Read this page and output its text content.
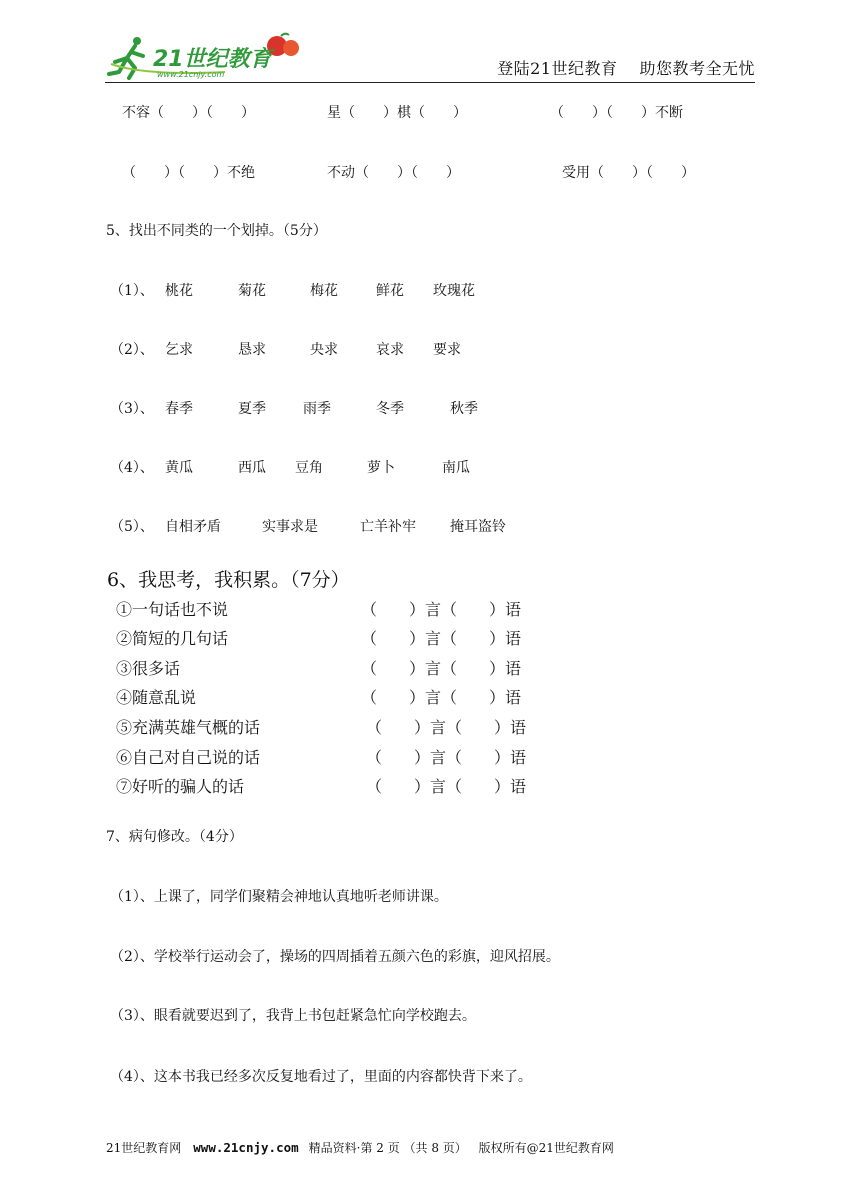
21世纪教育
www.21cnjy.com	登陆21世纪教育 助您教考全无忧
不容（　　）（　　）	星（　　）棋（　　）	（　　）（　　）不断
（　　）（　　）不绝	不动（　　）（　　）	受用（　　）（　　）
5、找出不同类的一个划掉。（5分）
（1）、 桃花	菊花	梅花	鲜花 玫瑰花
（2）、 乞求	恳求	央求	哀求 要求
（3）、 春季	夏季	雨季	冬季	秋季
（4）、 黄瓜	西瓜 豆角	萝卜	南瓜
（5）、 自相矛盾	实事求是	亡羊补牢 掩耳盗铃
6、我思考，我积累。（7分）
①一句话也不说	（　　）言（　　）语
②简短的几句话	（　　）言（　　）语
③很多话	（　　）言（　　）语
④随意乱说	（　　）言（　　）语
⑤充满英雄气概的话	（　　）言（　　）语
⑥自己对自己说的话	（　　）言（　　）语
⑦好听的骗人的话	（　　）言（　　）语
7、病句修改。（4分）
（1）、上课了，同学们聚精会神地认真地听老师讲课。
（2）、学校举行运动会了，操场的四周插着五颜六色的彩旗，迎风招展。
（3）、眼看就要迟到了，我背上书包赶紧急忙向学校跑去。
（4）、这本书我已经多次反复地看过了，里面的内容都快背下来了。
21世纪教育网 www.21cnjy.com 精品资料·第 2 页 （共 8 页） 版权所有@21世纪教育网
